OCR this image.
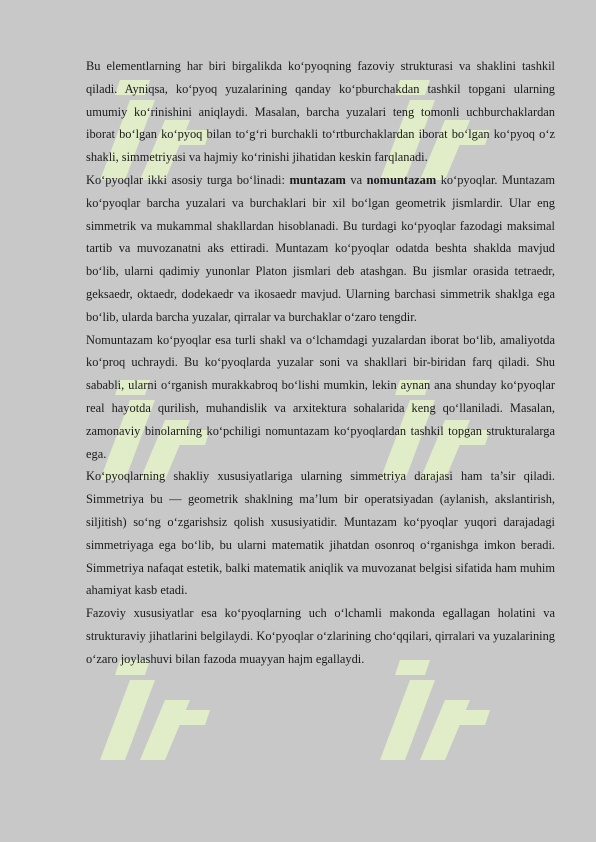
Bu elementlarning har biri birgalikda ko‘pyoqning fazoviy strukturasi va shaklini tashkil qiladi. Ayniqsa, ko‘pyoq yuzalarining qanday ko‘pburchakdan tashkil topgani ularning umumiy ko‘rinishini aniqlaydi. Masalan, barcha yuzalari teng tomonli uchburchaklardan iborat bo‘lgan ko‘pyoq bilan to‘g‘ri burchakli to‘rtburchaklardan iborat bo‘lgan ko‘pyoq o‘z shakli, simmetriyasi va hajmiy ko‘rinishi jihatidan keskin farqlanadi.

Ko‘pyoqlar ikki asosiy turga bo‘linadi: muntazam va nomuntazam ko‘pyoqlar. Muntazam ko‘pyoqlar barcha yuzalari va burchaklari bir xil bo‘lgan geometrik jismlardir. Ular eng simmetrik va mukammal shakllardan hisoblanadi. Bu turdagi ko‘pyoqlar fazodagi maksimal tartib va muvozanatni aks ettiradi. Muntazam ko‘pyoqlar odatda beshta shaklda mavjud bo‘lib, ularni qadimiy yunonlar Platon jismlari deb atashgan. Bu jismlar orasida tetraedr, geksaedr, oktaedr, dodekaedr va ikosaedr mavjud. Ularning barchasi simmetrik shaklga ega bo‘lib, ularda barcha yuzalar, qirralar va burchaklar o‘zaro tengdir.

Nomuntazam ko‘pyoqlar esa turli shakl va o‘lchamdagi yuzalardan iborat bo‘lib, amaliyotda ko‘proq uchraydi. Bu ko‘pyoqlarda yuzalar soni va shakllari bir-biridan farq qiladi. Shu sababli, ularni o‘rganish murakkabroq bo‘lishi mumkin, lekin aynan ana shunday ko‘pyoqlar real hayotda qurilish, muhandislik va arxitektura sohalarida keng qo‘llaniladi. Masalan, zamonaviy binolarning ko‘pchiligi nomuntazam ko‘pyoqlardan tashkil topgan strukturalarga ega.

Ko‘pyoqlarning shakliy xususiyatlariga ularning simmetriya darajasi ham ta’sir qiladi. Simmetriya bu — geometrik shaklning ma’lum bir operatsiyadan (aylanish, akslantirish, siljitish) so‘ng o‘zgarishsiz qolish xususiyatidir. Muntazam ko‘pyoqlar yuqori darajadagi simmetriyaga ega bo‘lib, bu ularni matematik jihatdan osonroq o‘rganishga imkon beradi. Simmetriya nafaqat estetik, balki matematik aniqlik va muvozanat belgisi sifatida ham muhim ahamiyat kasb etadi.

Fazoviy xususiyatlar esa ko‘pyoqlarning uch o‘lchamli makonda egallagan holatini va strukturaviy jihatlarini belgilaydi. Ko‘pyoqlar o‘zlarining cho‘qqilari, qirralari va yuzalarining o‘zaro joylashuvi bilan fazoda muayyan hajm egallaydi.
